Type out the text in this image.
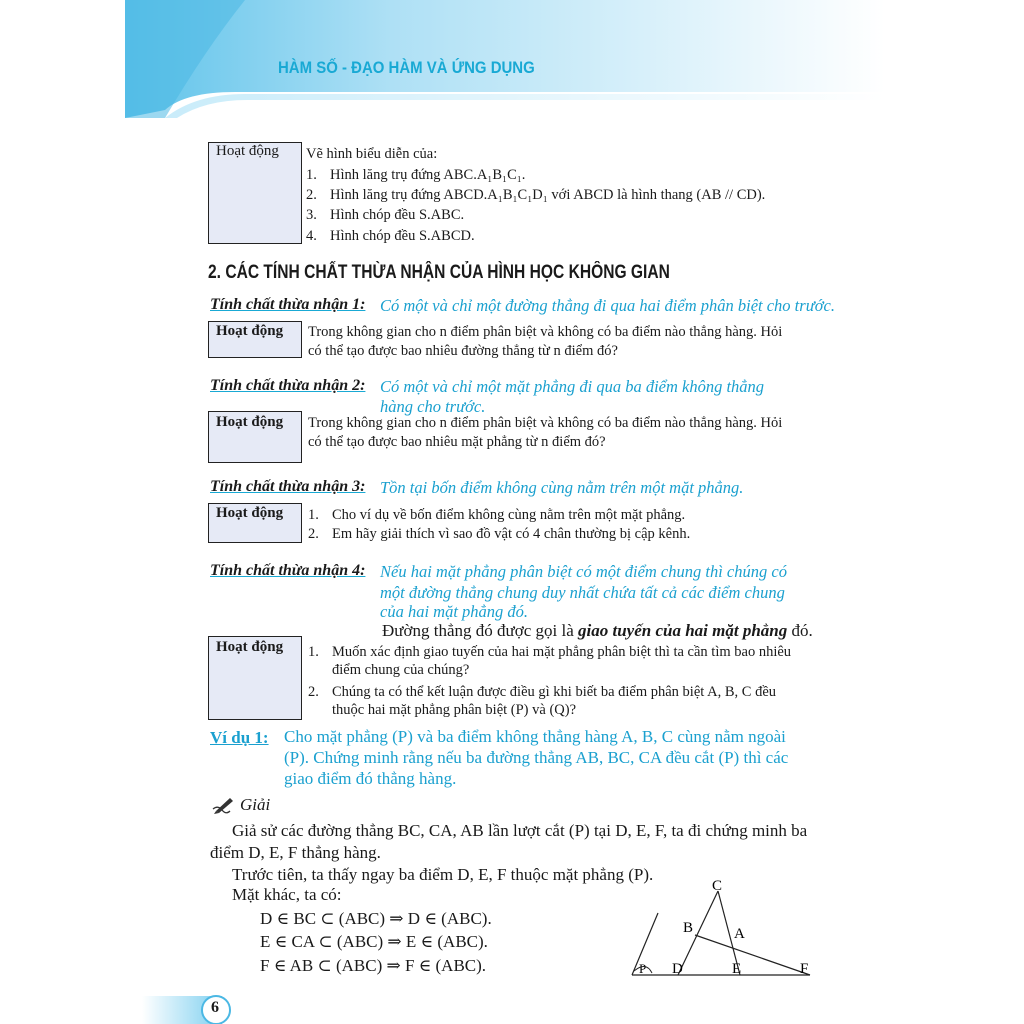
HÀM SỐ - ĐẠO HÀM VÀ ỨNG DỤNG
Hoạt động Vẽ hình biểu diễn của:
1. Hình lăng trụ đứng ABC.A₁B₁C₁.
2. Hình lăng trụ đứng ABCD.A₁B₁C₁D₁ với ABCD là hình thang (AB // CD).
3. Hình chóp đều S.ABC.
4. Hình chóp đều S.ABCD.
2. CÁC TÍNH CHẤT THỪA NHẬN CỦA HÌNH HỌC KHÔNG GIAN
Tính chất thừa nhận 1: Có một và chỉ một đường thẳng đi qua hai điểm phân biệt cho trước.
Hoạt động Trong không gian cho n điểm phân biệt và không có ba điểm nào thẳng hàng. Hỏi
có thể tạo được bao nhiêu đường thẳng từ n điểm đó?
Tính chất thừa nhận 2: Có một và chỉ một mặt phẳng đi qua ba điểm không thẳng
hàng cho trước.
Hoạt động Trong không gian cho n điểm phân biệt và không có ba điểm nào thẳng hàng. Hỏi
có thể tạo được bao nhiêu mặt phẳng từ n điểm đó?
Tính chất thừa nhận 3: Tồn tại bốn điểm không cùng nằm trên một mặt phẳng.
Hoạt động 1. Cho ví dụ về bốn điểm không cùng nằm trên một mặt phẳng.
2. Em hãy giải thích vì sao đồ vật có 4 chân thường bị cập kênh.
Tính chất thừa nhận 4: Nếu hai mặt phẳng phân biệt có một điểm chung thì chúng có
một đường thẳng chung duy nhất chứa tất cả các điểm chung
của hai mặt phẳng đó.
Đường thẳng đó được gọi là giao tuyến của hai mặt phẳng đó.
Hoạt động 1. Muốn xác định giao tuyến của hai mặt phẳng phân biệt thì ta cần tìm bao nhiêu
điểm chung của chúng?
2. Chúng ta có thể kết luận được điều gì khi biết ba điểm phân biệt A, B, C đều
thuộc hai mặt phẳng phân biệt (P) và (Q)?
Ví dụ 1: Cho mặt phẳng (P) và ba điểm không thẳng hàng A, B, C cùng nằm ngoài
(P). Chứng minh rằng nếu ba đường thẳng AB, BC, CA đều cắt (P) thì các
giao điểm đó thẳng hàng.
Giải
Giả sử các đường thẳng BC, CA, AB lần lượt cắt (P) tại D, E, F, ta đi chứng minh ba
điểm D, E, F thẳng hàng.
Trước tiên, ta thấy ngay ba điểm D, E, F thuộc mặt phẳng (P).
Mặt khác, ta có:
D ∈ BC ⊂ (ABC) ⇒ D ∈ (ABC).
E ∈ CA ⊂ (ABC) ⇒ E ∈ (ABC).
F ∈ AB ⊂ (ABC) ⇒ F ∈ (ABC).
C
B	A
P D	E	F
6
